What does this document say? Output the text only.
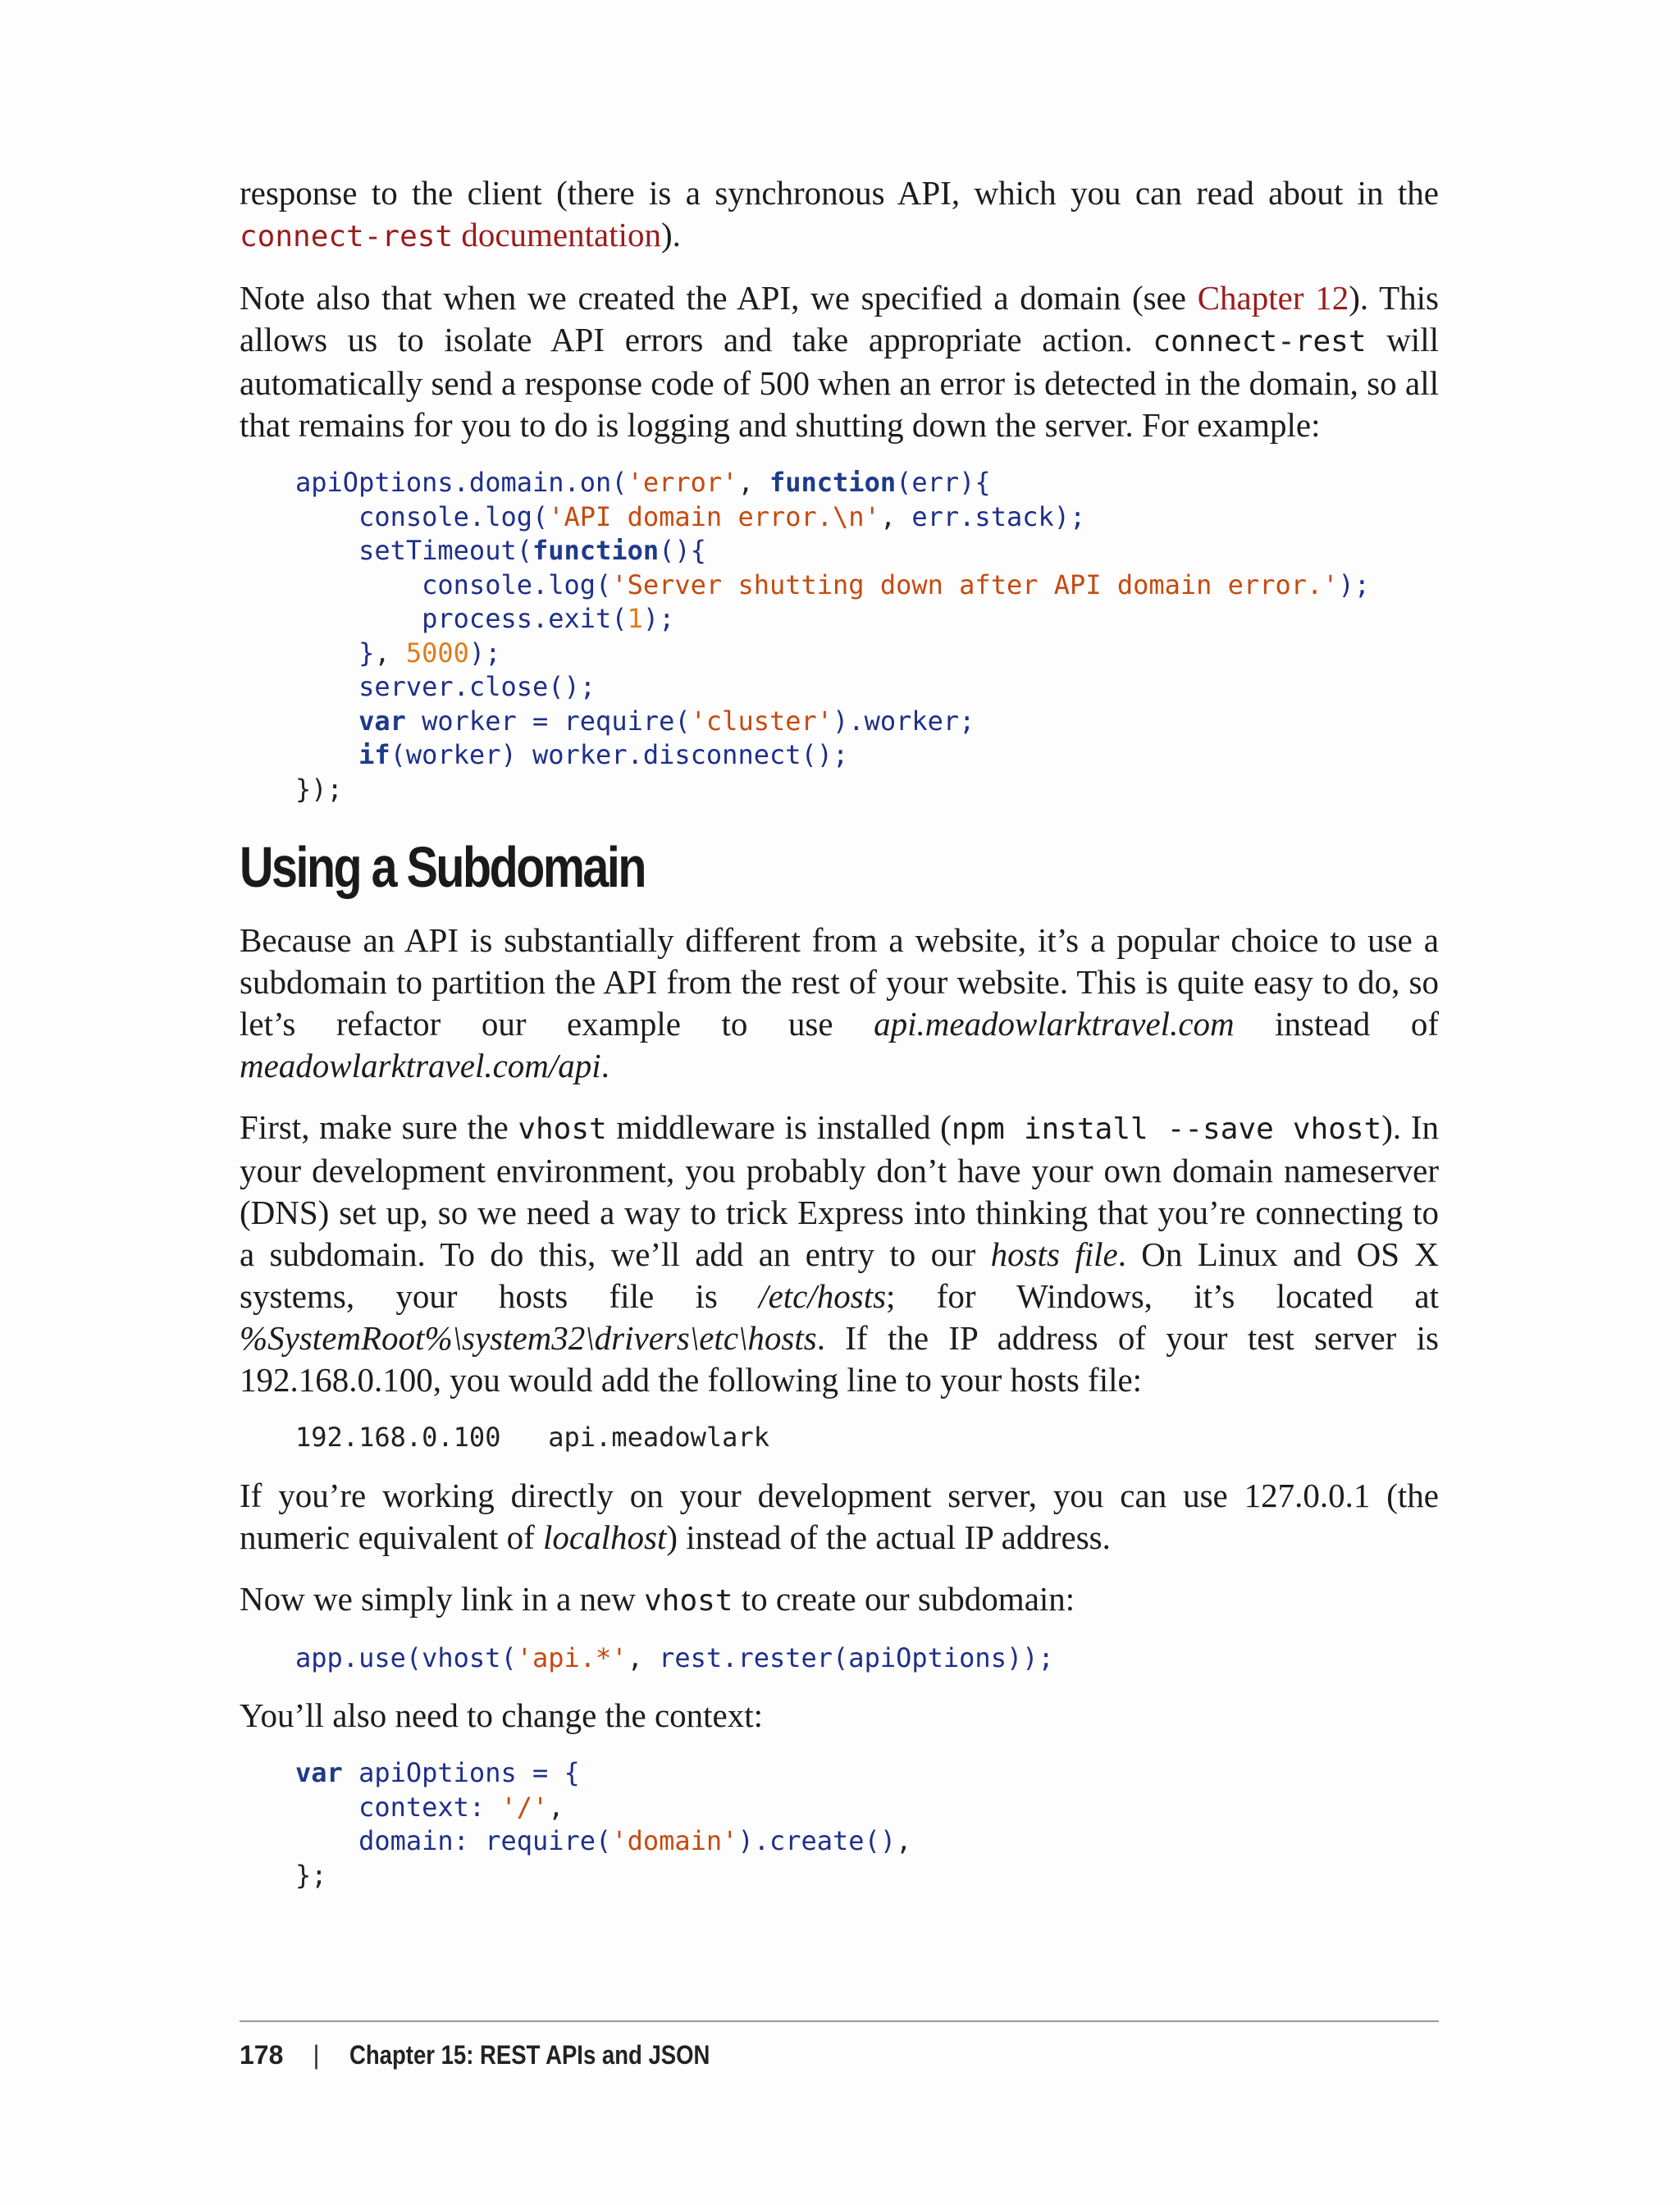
response to the client (there is a synchronous API, which you can read about in the connect-rest documentation).

Note also that when we created the API, we specified a domain (see Chapter 12). This allows us to isolate API errors and take appropriate action. connect-rest will automatically send a response code of 500 when an error is detected in the domain, so all that remains for you to do is logging and shutting down the server. For example:

apiOptions.domain.on('error', function(err){
console.log('API domain error.\n', err.stack);
setTimeout(function(){
console.log('Server shutting down after API domain error.');
process.exit(1);
}, 5000);
server.close();
var worker = require('cluster').worker;
if(worker) worker.disconnect();
});
Using a Subdomain

Because an API is substantially different from a website, it’s a popular choice to use a subdomain to partition the API from the rest of your website. This is quite easy to do, so let’s refactor our example to use api.meadowlarktravel.com instead of meadowlarktravel.com/api.

First, make sure the vhost middleware is installed (npm install --save vhost). In your development environment, you probably don’t have your own domain nameserver (DNS) set up, so we need a way to trick Express into thinking that you’re connecting to a subdomain. To do this, we’ll add an entry to our hosts file. On Linux and OS X systems, your hosts file is /etc/hosts; for Windows, it’s located at %SystemRoot%\system32\drivers\etc\hosts. If the IP address of your test server is 192.168.0.100, you would add the following line to your hosts file:

192.168.0.100   api.meadowlark

If you’re working directly on your development server, you can use 127.0.0.1 (the numeric equivalent of localhost) instead of the actual IP address.

Now we simply link in a new vhost to create our subdomain:

app.use(vhost('api.*', rest.rester(apiOptions));

You’ll also need to change the context:

var apiOptions = {
context: '/',
domain: require('domain').create(),
};
178 | Chapter 15: REST APIs and JSON
